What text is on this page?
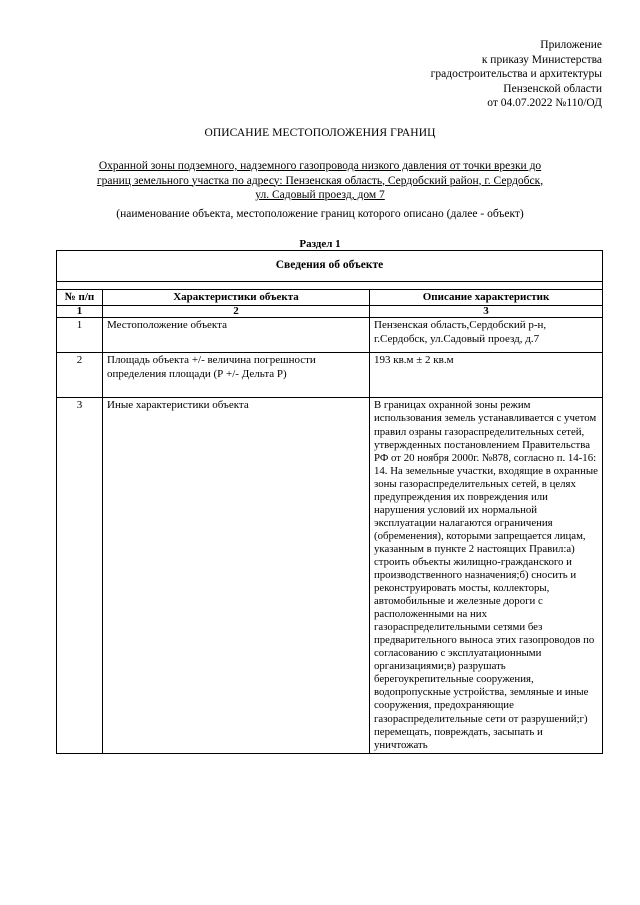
Приложение
к приказу Министерства
градостроительства и архитектуры
Пензенской области
от 04.07.2022 №110/ОД
ОПИСАНИЕ МЕСТОПОЛОЖЕНИЯ ГРАНИЦ
Охранной зоны подземного, надземного газопровода низкого давления от точки врезки до
границ земельного участка по адресу: Пензенская область, Сердобский район, г. Сердобск,
ул. Садовый проезд, дом 7
(наименование объекта, местоположение границ которого описано (далее - объект)
Раздел 1
Сведения об объекте		

№ п/п	Характеристики объекта	Описание характеристик
1	2	3
1	Местоположение объекта	Пензенская область,Сердобский р-н, г.Сердобск, ул.Садовый проезд, д.7
2	Площадь объекта +/- величина погрешности определения площади (Р +/- Дельта Р)	193 кв.м ± 2 кв.м
3	Иные характеристики объекта	В границах охранной зоны режим использования земель устанавливается с учетом правил озраны газораспределительных сетей, утвержденных постановлением Правительства РФ от 20 ноября 2000г. №878, согласно п. 14-16: 14. На земельные участки, входящие в охранные зоны газораспределительных сетей, в целях предупреждения их повреждения или нарушения условий их нормальной эксплуатации налагаются ограничения (обременения), которыми запрещается лицам, указанным в пункте 2 настоящих Правил:а) строить объекты жилищно-гражданского и производственного назначения;б) сносить и реконструировать мосты, коллекторы, автомобильные и железные дороги с расположенными на них газораспределительными сетями без предварительного выноса этих газопроводов по согласованию с эксплуатационными организациями;в) разрушать берегоукрепительные сооружения, водопропускные устройства, земляные и иные сооружения, предохраняющие газораспределительные сети от разрушений;г) перемещать, повреждать, засыпать и уничтожать
